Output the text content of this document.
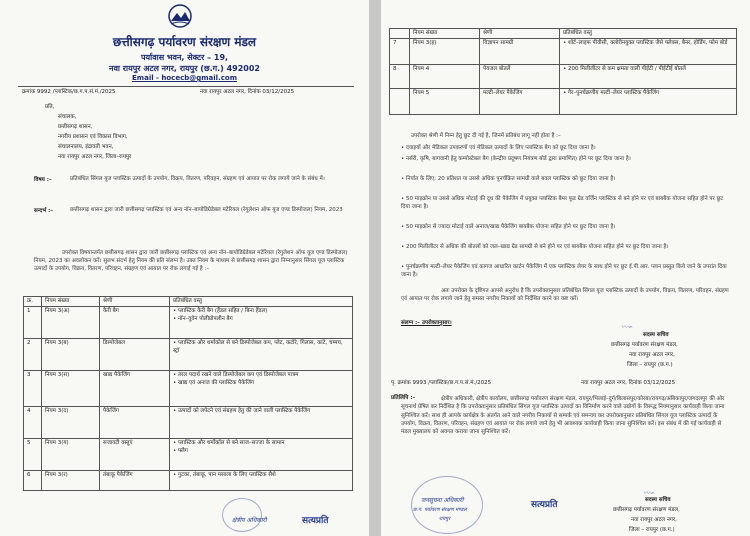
छत्तीसगढ़ पर्यावरण संरक्षण मंडल
पर्यावास भवन, सेक्टर – 19,
नवा रायपुर अटल नगर, रायपुर (छ.ग.) 492002
Email - hocecb@gmail.com
क्रमांक 9992 /प्लास्टिक/छ.ग.प.सं.मं./2025	नवा रायपुर अटल नगर, दिनांक 03/12/2025
प्रति,
संचालक,
छत्तीसगढ़ शासन,
नगरीय प्रशासन एवं विकास विभाग,
संचालनालय, इंद्रावती भवन,
नवा रायपुर अटल नगर, जिला–रायपुर
विषय :–	प्रतिबंधित सिंगल यूज प्लास्टिक उत्पादों के उपयोग, विक्रय, वितरण, परिवहन, संग्रहण एवं आयात पर रोक लगाये जाने के संबंध में।
सन्दर्भ :–	छत्तीसगढ़ शासन द्वारा जारी छत्तीसगढ़ प्लास्टिक एवं अन्य नॉन–बायोडिग्रेडेबल मटेरियल (रेगुलेशन ऑफ यूज एण्ड डिस्पोजल) नियम, 2023
उपरोक्त विषयान्तर्गत छत्तीसगढ़ शासन द्वारा जारी छत्तीसगढ़ प्लास्टिक एवं अन्य नॉन–बायोडिग्रेडेबल मटेरियल (रेगुलेशन ऑफ यूज एण्ड डिस्पोजल) नियम, 2023 का अवलोकन करें। सुलभ संदर्भ हेतु नियम की प्रति संलग्न है। उक्त नियम के माध्यम से छत्तीसगढ़ शासन द्वारा निम्नानुसार सिंगल यूज प्लास्टिक उत्पादों के उपयोग, विक्रय, वितरण, परिवहन, संग्रहण एवं आयात पर रोक लगाई गई है :–
क्र.	नियम संख्या	श्रेणी	प्रतिबंधित वस्तु
1	नियम 3(अ)	कैरी बैग	• प्लास्टिक कैरी बैग (हैंडल सहित / बिना हैंडल)
• नॉन–वुवेन पोलीप्रोपलीन बैग
2	नियम 3(ब)	डिस्पोजेबल	• प्लास्टिक और थर्माकोल से बने डिस्पोजेबल कप, प्लेट, कटोरे, गिलास, कांटे, चम्मच, स्ट्रॉ
3	नियम 3(स)	खाद्य पैकेजिंग	• तरल पदार्थ रखने वाले डिस्पोजेबल कप एवं डिस्पोजेबल पात्रम
• खाद्य एवं अनाज की प्लास्टिक पैकेजिंग
4	नियम 3(द)	पैकेजिंग	• उत्पादों को लपेटने एवं संग्रहण हेतु की जाने वाली प्लास्टिक पैकेजिंग
5	नियम 3(य)	सजावटी वस्तुएं	• प्लास्टिक और थर्मोकॉल से बने साज–सज्जा के सामान
• फ्लैग
6	नियम 3(र)	तंबाकू पैकेजिंग	• गुटका, तंबाकू, पान मसाला के लिए प्लास्टिक सैशे
क्षेत्रीय अधिकारी	सत्यप्रति
	नियम संख्या	श्रेणी	प्रतिबंधित वस्तु
7	नियम 3(ह)	विज्ञापन सामग्री	• शॉर्ट–लाइफ पीवीसी, क्लोरीनयुक्त प्लास्टिक जैसे फ्लेक्स, बैनर, होर्डिंग, फोम बोर्ड
8	नियम 4	पेयजल बोतलें	• 200 मिलीलीटर से कम क्षमता वाली पीईटी / पीईटीई बोतलें
	नियम 5	मल्टी–लेयर पैकेजिंग	• गैर–पुनर्चक्रणीय मल्टी–लेयर प्लास्टिक पैकेजिंग
उपरोक्त श्रेणी में निम्न हेतु छूट दी गई है, जिनमें प्रतिबंध लागू नहीं होता है :–
• दवाइयों और मेडिकल उपकरणों एवं मेडिकल उत्पादों के लिए प्लास्टिक बैग को छूट दिया जाना है।
• नर्सरी, कृषि, बागवानी हेतु कम्पोस्टेबल बैग (केन्द्रीय प्रदूषण नियंत्रण बोर्ड द्वारा प्रमाणित) होने पर छूट दिया जाना है।
• निर्यात के लिए; 20 प्रतिशत या उससे अधिक पुनर्चक्रित सामग्री वाले बवल प्लास्टिक को छूट दिया जाना है।
• 50 माइक्रोन या उससे अधिक मोटाई की दूध की पैकेजिंग में प्रयुक्त प्लास्टिक बैग्स फूड ग्रेड वर्जिन प्लास्टिक से बने होने पर एवं बायबैक योजना सहित होने पर छूट दिया जाना है।
• 50 माइक्रोन से ज्यादा मोटाई वाले अनाज/खाद्य पैकेजिंग बायबैक योजना सहित होने पर छूट दिया जाना है।
• 200 मिलीलीटर से अधिक की बोतलों को जल–खाद्य ग्रेड सामग्री से बने होने पर एवं बायबैक योजना सहित होने पर छूट दिया जाना है।
• पुनर्चक्रणीय मल्टी–लेयर पैकेजिंग एवं कागज आधारित कार्टन पैकेजिंग में एक प्लास्टिक लेयर के साथ होने पर छूट ई.पी.आर. प्लान प्रस्तुत किये जाने के उपरांत दिया जाना है।
अतः उपरोक्त के दृष्टिगत आपसे अनुरोध है कि उपरोक्तानुसार प्रतिबंधित सिंगल यूज प्लास्टिक उत्पादों के उपयोग, विक्रय, वितरण, परिवहन, संग्रहण एवं आयात पर रोक लगाये जाने हेतु समस्त नगरीय निकायों को निर्देशित करने का कष्ट करें।
संलग्न :– उपरोक्तानुसार।	〰∽
सदस्य सचिव
छत्तीसगढ़ पर्यावरण संरक्षण मंडल,
नवा रायपुर अटल नगर,
जिला – रायपुर (छ.ग.)
पृ. क्रमांक 9993 /प्लास्टिक/छ.ग.प.सं.मं./2025	नवा रायपुर अटल नगर, दिनांक 03/12/2025
प्रतिलिपि :–	क्षेत्रीय अधिकारी, क्षेत्रीय कार्यालय, छत्तीसगढ़ पर्यावरण संरक्षण मंडल, रायपुर/भिलाई–दुर्ग/बिलासपुर/कोरबा/रायगढ़/अंबिकापुर/जगदलपुर की ओर सूचनार्थ प्रेषित कर निर्देशित है कि उपरोक्तानुसार प्रतिबंधित सिंगल यूज प्लास्टिक उत्पादों का विनिर्माण करने वाले उद्योगों के विरूद्ध नियमानुसार कार्यवाही किया जाना सुनिश्चित करें। साथ ही आपके कार्यक्षेत्र के अंतर्गत आने वाले नगरीय निकायों से सम्पर्क एवं समन्वय कर उपरोक्तानुसार प्रतिबंधित सिंगल यूज प्लास्टिक उत्पादों के उपयोग, विक्रय, वितरण, परिवहन, संग्रहण एवं आयात पर रोक लगाये जाने हेतु भी आवश्यक कार्यवाही किया जाना सुनिश्चित करें। इस संबंध में की गई कार्यवाही से मंडल मुख्यालय को अवगत कराया जाना सुनिश्चित करें।
〰∽
सदस्य सचिव
छत्तीसगढ़ पर्यावरण संरक्षण मंडल,
नवा रायपुर अटल नगर,
जिला – रायपुर (छ.ग.)
जनसूचना अधिकारी
छ.ग. पर्यावरण संरक्षण मण्डल
रायपुर
सत्यप्रति
